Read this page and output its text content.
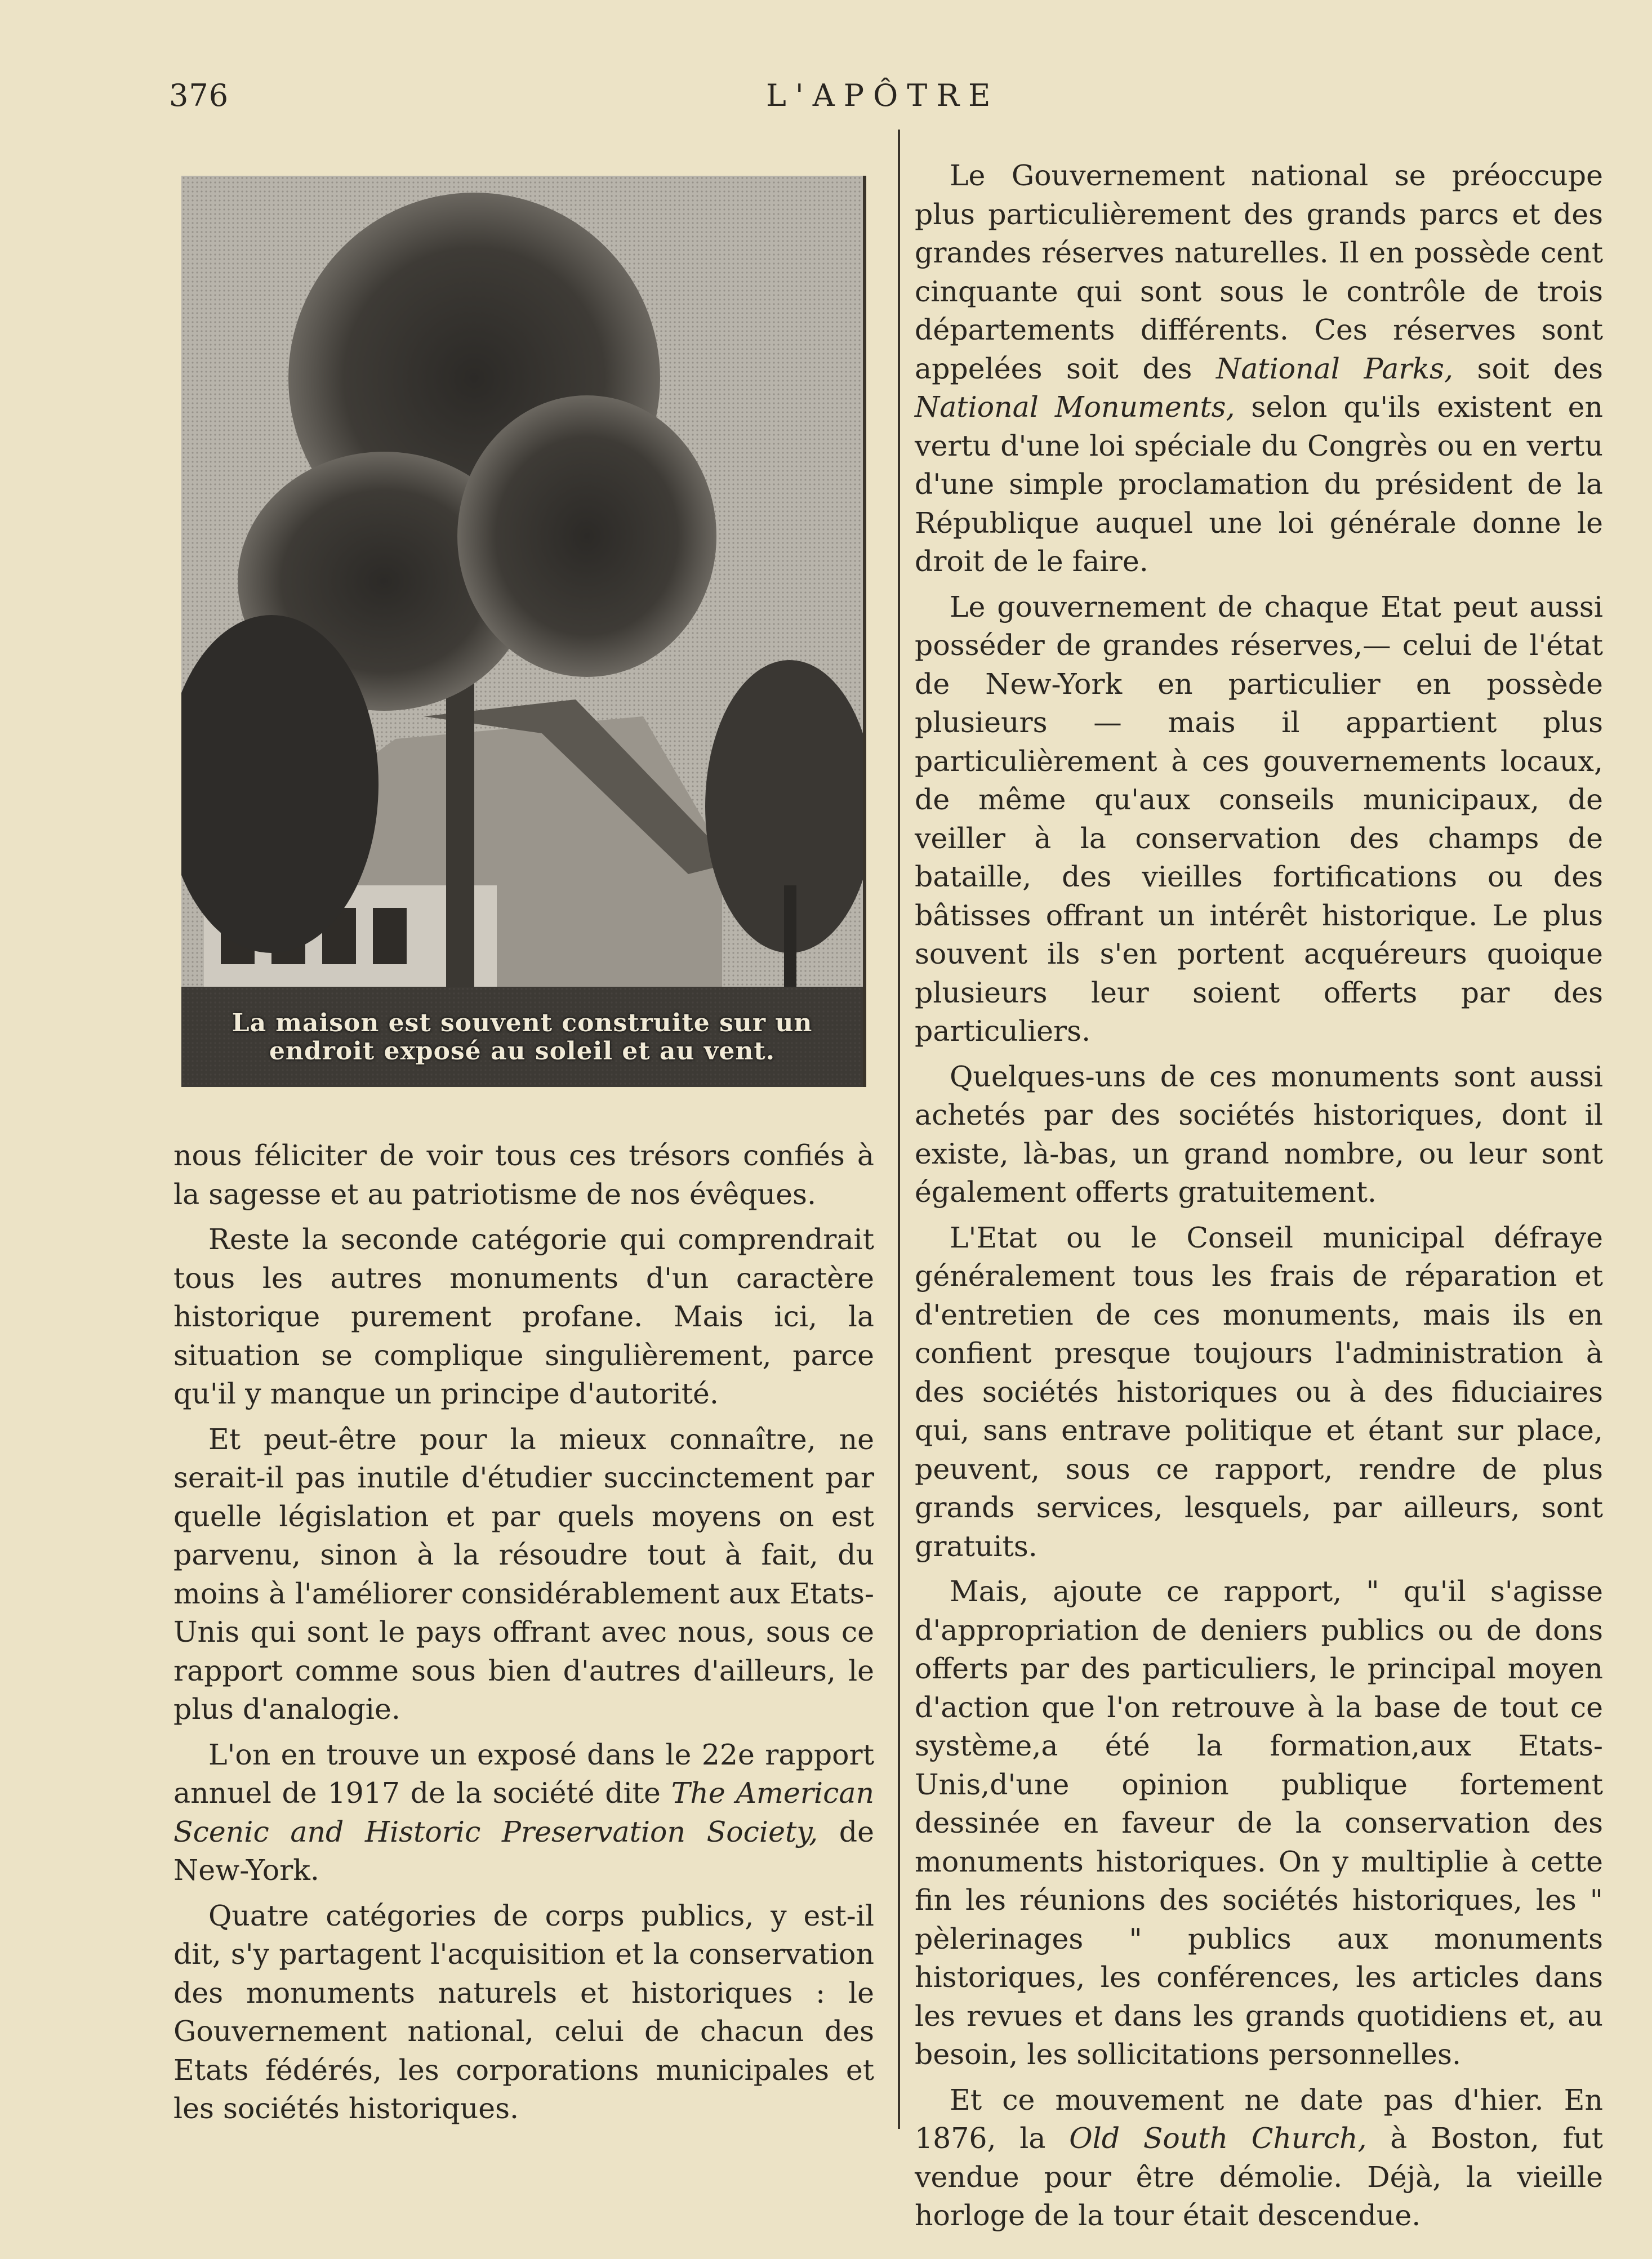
376	L'APÔTRE
La maison est souvent construite sur un
endroit exposé au soleil et au vent.

nous féliciter de voir tous ces trésors confiés à la sagesse et au patriotisme de nos évêques.

Reste la seconde catégorie qui comprendrait tous les autres monuments d'un caractère historique purement profane. Mais ici, la situation se complique singulièrement, parce qu'il y manque un principe d'autorité.

Et peut-être pour la mieux connaître, ne serait-il pas inutile d'étudier succinctement par quelle législation et par quels moyens on est parvenu, sinon à la résoudre tout à fait, du moins à l'améliorer considérablement aux Etats-Unis qui sont le pays offrant avec nous, sous ce rapport comme sous bien d'autres d'ailleurs, le plus d'analogie.

L'on en trouve un exposé dans le 22e rapport annuel de 1917 de la société dite The American Scenic and Historic Preservation Society, de New-York.

Quatre catégories de corps publics, y est-il dit, s'y partagent l'acquisition et la conservation des monuments naturels et historiques : le Gouvernement national, celui de chacun des Etats fédérés, les corporations municipales et les sociétés historiques.

Le Gouvernement national se préoccupe plus particulièrement des grands parcs et des grandes réserves naturelles. Il en possède cent cinquante qui sont sous le contrôle de trois départements différents. Ces réserves sont appelées soit des National Parks, soit des National Monuments, selon qu'ils existent en vertu d'une loi spéciale du Congrès ou en vertu d'une simple proclamation du président de la République auquel une loi générale donne le droit de le faire.

Le gouvernement de chaque Etat peut aussi posséder de grandes réserves,— celui de l'état de New-York en particulier en possède plusieurs — mais il appartient plus particulièrement à ces gouvernements locaux, de même qu'aux conseils municipaux, de veiller à la conservation des champs de bataille, des vieilles fortifications ou des bâtisses offrant un intérêt historique. Le plus souvent ils s'en portent acquéreurs quoique plusieurs leur soient offerts par des particuliers.

Quelques-uns de ces monuments sont aussi achetés par des sociétés historiques, dont il existe, là-bas, un grand nombre, ou leur sont également offerts gratuitement.

L'Etat ou le Conseil municipal défraye généralement tous les frais de réparation et d'entretien de ces monuments, mais ils en confient presque toujours l'administration à des sociétés historiques ou à des fiduciaires qui, sans entrave politique et étant sur place, peuvent, sous ce rapport, rendre de plus grands services, lesquels, par ailleurs, sont gratuits.

Mais, ajoute ce rapport, " qu'il s'agisse d'appropriation de deniers publics ou de dons offerts par des particuliers, le principal moyen d'action que l'on retrouve à la base de tout ce système,a été la formation,aux Etats-Unis,d'une opinion publique fortement dessinée en faveur de la conservation des monuments historiques. On y multiplie à cette fin les réunions des sociétés historiques, les " pèlerinages " publics aux monuments historiques, les conférences, les articles dans les revues et dans les grands quotidiens et, au besoin, les sollicitations personnelles.

Et ce mouvement ne date pas d'hier. En 1876, la Old South Church, à Boston, fut vendue pour être démolie. Déjà, la vieille horloge de la tour était descendue.
